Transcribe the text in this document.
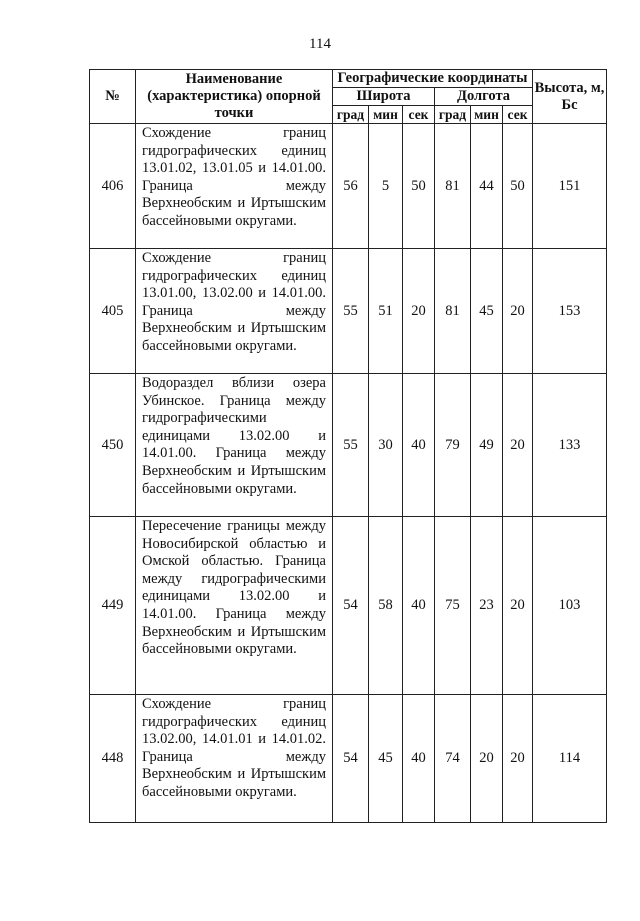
114
№	Наименование (характеристика) опорной точки	Географические координаты						Высота, м, Бс
		Широта			Долгота			
		град	мин	сек	град	мин	сек	
406	Схождение границ гидрографических единиц 13.01.02, 13.01.05 и 14.01.00. Граница между Верхнеобским и Иртышским бассейновыми округами.	56	5	50	81	44	50	151
405	Схождение границ гидрографических единиц 13.01.00, 13.02.00 и 14.01.00. Граница между Верхнеобским и Иртышским бассейновыми округами.	55	51	20	81	45	20	153
450	Водораздел вблизи озера Убинское. Граница между гидрографическими единицами 13.02.00 и 14.01.00. Граница между Верхнеобским и Иртышским бассейновыми округами.	55	30	40	79	49	20	133
449	Пересечение границы между Новосибирской областью и Омской областью. Граница между гидрографическими единицами 13.02.00 и 14.01.00. Граница между Верхнеобским и Иртышским бассейновыми округами.	54	58	40	75	23	20	103
448	Схождение границ гидрографических единиц 13.02.00, 14.01.01 и 14.01.02. Граница между Верхнеобским и Иртышским бассейновыми округами.	54	45	40	74	20	20	114
